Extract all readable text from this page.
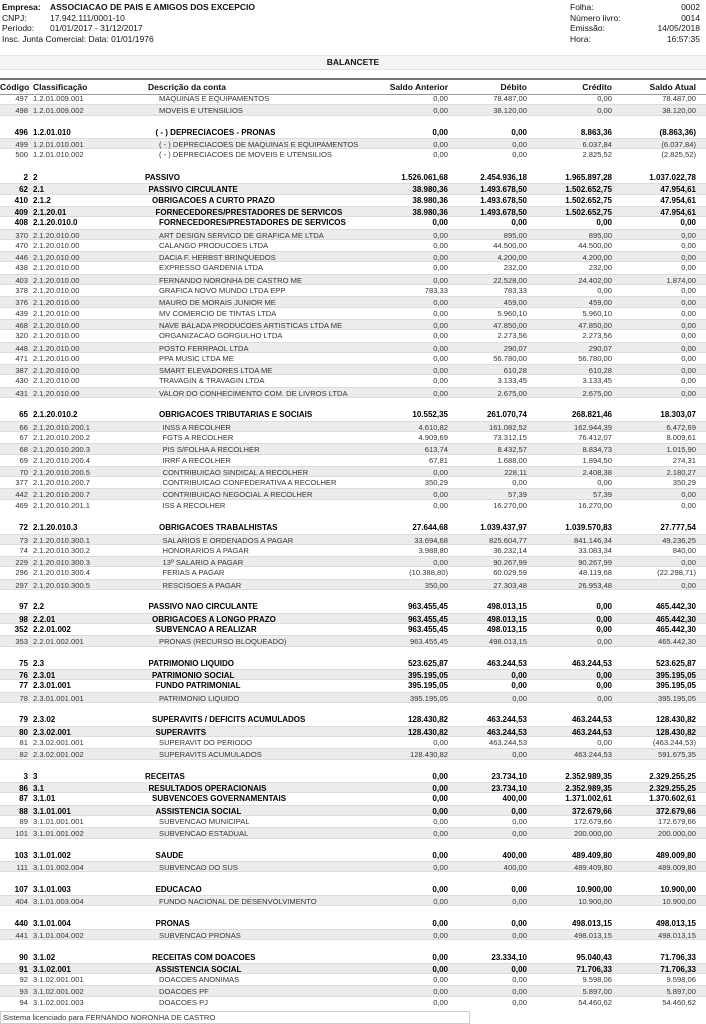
Empresa: ASSOCIACAO DE PAIS E AMIGOS DOS EXCEPCIO
CNPJ:	17.942.111/0001-10
Período: 01/01/2017 - 31/12/2017
Insc. Junta Comercial: Data: 01/01/1976
Folha:	0002
Número livro:	0014
Emissão:	14/05/2018
Hora:	16:57:35
BALANCETE
Código Classificação	Descrição da conta	Saldo Anterior	Débito	Crédito	Saldo Atual
497 1.2.01.009.001	MAQUINAS E EQUIPAMENTOS	0,00	78.487,00	0,00	78.487,00
498 1.2.01.009.002	MOVEIS E UTENSILIOS	0,00	38.120,00	0,00	38.120,00
496 1.2.01.010	( - ) DEPRECIACOES - PRONAS	0,00	0,00	8.863,36	(8.863,36)
499 1.2.01.010.001	( - ) DEPRECIACOES DE MAQUINAS E EQUIPAMENTOS	0,00	0,00	6.037,84	(6.037,84)
500 1.2.01.010.002	( - ) DEPRECIACOES DE MOVEIS E UTENSILIOS	0,00	0,00	2.825,52	(2.825,52)
2 2	PASSIVO	1.526.061,68	2.454.936,18	1.965.897,28	1.037.022,78
62 2.1	PASSIVO CIRCULANTE	38.980,36	1.493.678,50	1.502.652,75	47.954,61
410 2.1.2	OBRIGACOES A CURTO PRAZO	38.980,36	1.493.678,50	1.502.652,75	47.954,61
409 2.1.20.01	FORNECEDORES/PRESTADORES DE SERVICOS	38.980,36	1.493.678,50	1.502.652,75	47.954,61
408 2.1.20.010.0	FORNECEDORES/PRESTADORES DE SERVICOS	0,00	0,00	0,00	0,00
370 2.1.20.010.00	ART DESIGN SERVICO DE GRAFICA ME LTDA	0,00	895,00	895,00	0,00
470 2.1.20.010.00	CALANGO PRODUCOES LTDA	0,00	44.500,00	44.500,00	0,00
446 2.1.20.010.00	DACIA F. HERBST BRINQUEDOS	0,00	4.200,00	4.200,00	0,00
438 2.1.20.010.00	EXPRESSO GARDENIA LTDA	0,00	232,00	232,00	0,00
403 2.1.20.010.00	FERNANDO NORONHA DE CASTRO ME	0,00	22.528,00	24.402,00	1.874,00
378 2.1.20.010.00	GRAFICA NOVO MUNDO LTDA EPP	783,33	783,33	0,00	0,00
376 2.1.20.010.00	MAURO DE MORAIS JUNIOR ME	0,00	459,00	459,00	0,00
439 2.1.20.010.00	MV COMERCIO DE TINTAS LTDA	0,00	5.960,10	5.960,10	0,00
468 2.1.20.010.00	NAVE BALADA PRODUCOES ARTISTICAS LTDA ME	0,00	47.850,00	47.850,00	0,00
320 2.1.20.010.00	ORGANIZACAO GORGULHO LTDA	0,00	2.273,56	2.273,56	0,00
448 2.1.20.010.00	POSTO FERRPAOL LTDA	0,00	290,07	290,07	0,00
471 2.1.20.010.00	PPA MUSIC LTDA ME	0,00	56.780,00	56.780,00	0,00
387 2.1.20.010.00	SMART ELEVADORES LTDA ME	0,00	610,28	610,28	0,00
430 2.1.20.010.00	TRAVAGIN & TRAVAGIN LTDA	0,00	3.133,45	3.133,45	0,00
431 2.1.20.010.00	VALOR DO CONHECIMENTO COM. DE LIVROS LTDA	0,00	2.675,00	2.675,00	0,00
65 2.1.20.010.2	OBRIGACOES TRIBUTARIAS E SOCIAIS	10.552,35	261.070,74	268.821,46	18.303,07
66 2.1.20.010.200.1	INSS A RECOLHER	4.610,82	161.082,52	162.944,39	6.472,69
67 2.1.20.010.200.2	FGTS A RECOLHER	4.909,69	73.312,15	76.412,07	8.009,61
68 2.1.20.010.200.3	PIS S/FOLHA A RECOLHER	613,74	8.432,57	8.834,73	1.015,90
69 2.1.20.010.200.4	IRRF A RECOLHER	67,81	1.688,00	1.894,50	274,31
70 2.1.20.010.200.5	CONTRIBUICAO SINDICAL A RECOLHER	0,00	228,11	2.408,38	2.180,27
377 2.1.20.010.200.7	CONTRIBUICAO CONFEDERATIVA A RECOLHER	350,29	0,00	0,00	350,29
442 2.1.20.010.200.7	CONTRIBUICAO NEGOCIAL A RECOLHER	0,00	57,39	57,39	0,00
469 2.1.20.010.201.1	ISS A RECOLHER	0,00	16.270,00	16.270,00	0,00
72 2.1.20.010.3	OBRIGACOES TRABALHISTAS	27.644,68	1.039.437,97	1.039.570,83	27.777,54
73 2.1.20.010.300.1	SALARIOS E ORDENADOS A PAGAR	33.694,68	825.604,77	841.146,34	49.236,25
74 2.1.20.010.300.2	HONORARIOS A PAGAR	3.988,80	36.232,14	33.083,34	840,00
229 2.1.20.010.300.3	13º SALARIO A PAGAR	0,00	90.267,99	90.267,99	0,00
296 2.1.20.010.300.4	FERIAS A PAGAR	(10.388,80)	60.029,59	48.119,68	(22.298,71)
297 2.1.20.010.300.5	RESCISOES A PAGAR	350,00	27.303,48	26.953,48	0,00
97 2.2	PASSIVO NAO CIRCULANTE	963.455,45	498.013,15	0,00	465.442,30
98 2.2.01	OBRIGACOES A LONGO PRAZO	963.455,45	498.013,15	0,00	465.442,30
352 2.2.01.002	SUBVENCAO A REALIZAR	963.455,45	498.013,15	0,00	465.442,30
353 2.2.01.002.001	PRONAS (RECURSO BLOQUEADO)	963.455,45	498.013,15	0,00	465.442,30
75 2.3	PATRIMONIO LIQUIDO	523.625,87	463.244,53	463.244,53	523.625,87
76 2.3.01	PATRIMONIO SOCIAL	395.195,05	0,00	0,00	395.195,05
77 2.3.01.001	FUNDO PATRIMONIAL	395.195,05	0,00	0,00	395.195,05
78 2.3.01.001.001	PATRIMONIO LIQUIDO	395.195,05	0,00	0,00	395.195,05
79 2.3.02	SUPERAVITS / DEFICITS ACUMULADOS	128.430,82	463.244,53	463.244,53	128.430,82
80 2.3.02.001	SUPERAVITS	128.430,82	463.244,53	463.244,53	128.430,82
81 2.3.02.001.001	SUPERAVIT DO PERIODO	0,00	463.244,53	0,00	(463.244,53)
82 2.3.02.001.002	SUPERAVITS ACUMULADOS	128.430,82	0,00	463.244,53	591.675,35
3 3	RECEITAS	0,00	23.734,10	2.352.989,35	2.329.255,25
86 3.1	RESULTADOS OPERACIONAIS	0,00	23.734,10	2.352.989,35	2.329.255,25
87 3.1.01	SUBVENCOES GOVERNAMENTAIS	0,00	400,00	1.371.002,61	1.370.602,61
88 3.1.01.001	ASSISTENCIA SOCIAL	0,00	0,00	372.679,66	372.679,66
89 3.1.01.001.001	SUBVENCAO MUNICIPAL	0,00	0,00	172.679,66	172.679,66
101 3.1.01.001.002	SUBVENCAO ESTADUAL	0,00	0,00	200.000,00	200.000,00
103 3.1.01.002	SAUDE	0,00	400,00	489.409,80	489.009,80
111 3.1.01.002.004	SUBVENCAO DO SUS	0,00	400,00	489.409,80	489.009,80
107 3.1.01.003	EDUCACAO	0,00	0,00	10.900,00	10.900,00
404 3.1.01.003.004	FUNDO NACIONAL DE DESENVOLVIMENTO	0,00	0,00	10.900,00	10.900,00
440 3.1.01.004	PRONAS	0,00	0,00	498.013,15	498.013,15
441 3.1.01.004.002	SUBVENCAO PRONAS	0,00	0,00	498.013,15	498.013,15
90 3.1.02	RECEITAS COM DOACOES	0,00	23.334,10	95.040,43	71.706,33
91 3.1.02.001	ASSISTENCIA SOCIAL	0,00	0,00	71.706,33	71.706,33
92 3.1.02.001.001	DOACOES ANONIMAS	0,00	0,00	9.598,06	9.598,06
93 3.1.02.001.002	DOACOES PF	0,00	0,00	5.897,00	5.897,00
94 3.1.02.001.003	DOACOES PJ	0,00	0,00	54.460,62	54.460,62
Sistema licenciado para FERNANDO NORONHA DE CASTRO
